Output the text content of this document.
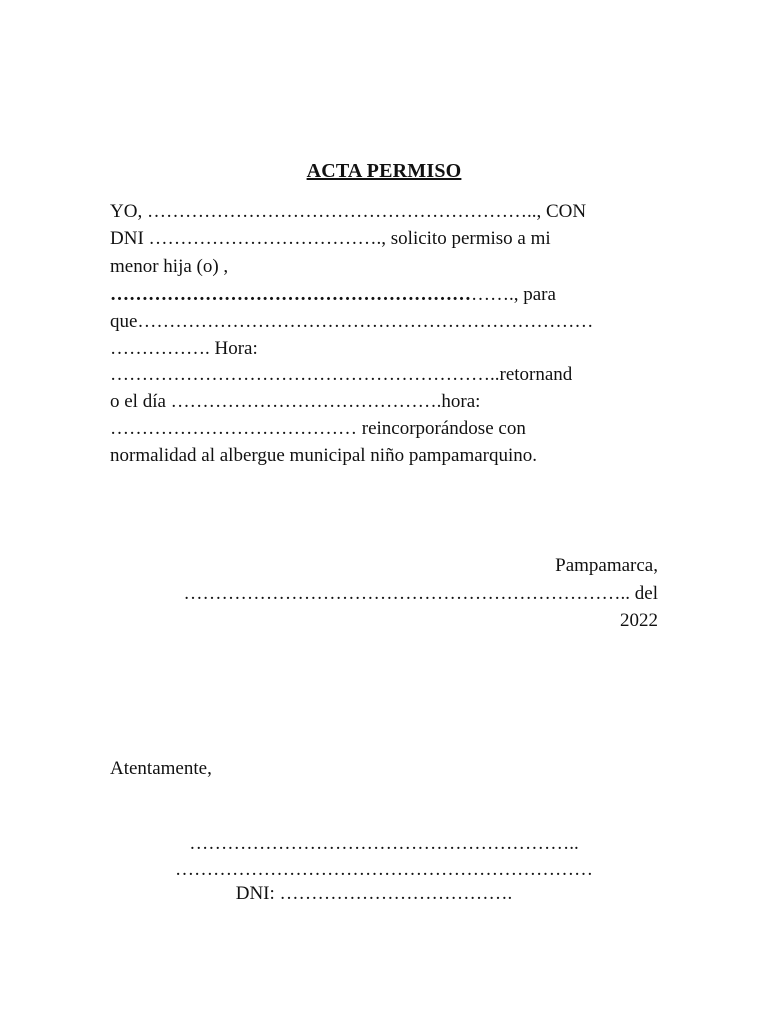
ACTA PERMISO
YO, …………………………………………………….., CON
DNI ………………………………., solicito permiso a mi
menor hija (o) ,
………………………………………………………., para
que………………………………………………………………
……………. Hora:
……………………………………………………..retornand
o el día …………………………………….hora:
………………………………… reincorporándose con
normalidad al albergue municipal niño pampamarquino.
Pampamarca,
…………………………………………………………….. del
2022
Atentamente,
……………………………………………………..
…………………………………………………………
DNI: ……………………………….
